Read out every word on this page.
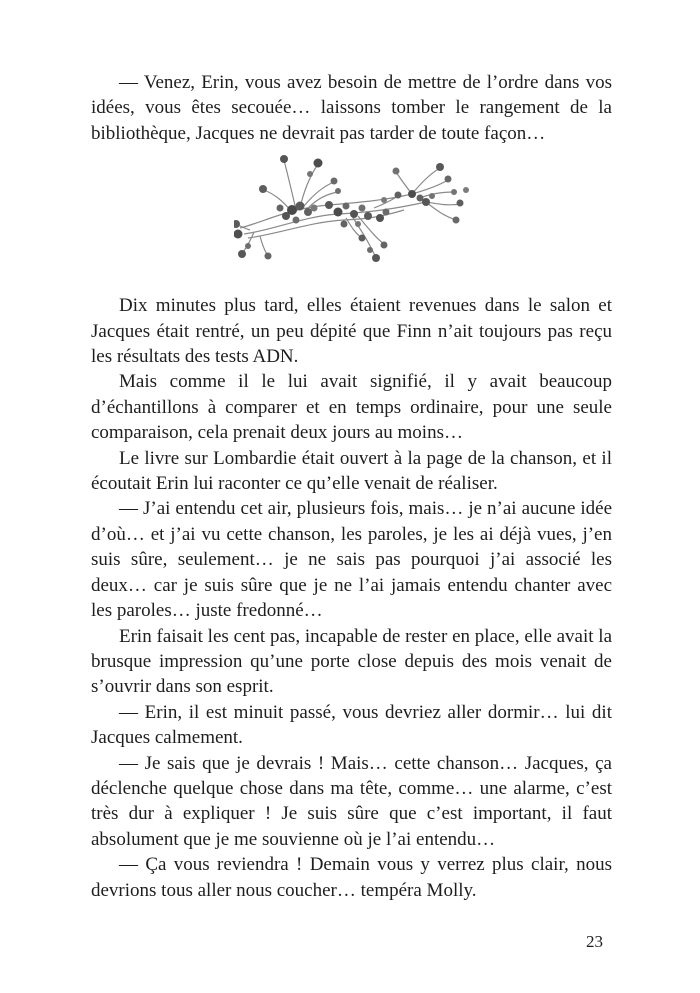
— Venez, Erin, vous avez besoin de mettre de l’ordre dans vos idées, vous êtes secouée… laissons tomber le rangement de la bibliothèque, Jacques ne devrait pas tarder de toute façon…

Dix minutes plus tard, elles étaient revenues dans le salon et Jacques était rentré, un peu dépité que Finn n’ait toujours pas reçu les résultats des tests ADN.

Mais comme il le lui avait signifié, il y avait beaucoup d’échantillons à comparer et en temps ordinaire, pour une seule comparaison, cela prenait deux jours au moins…

Le livre sur Lombardie était ouvert à la page de la chanson, et il écoutait Erin lui raconter ce qu’elle venait de réaliser.

— J’ai entendu cet air, plusieurs fois, mais… je n’ai aucune idée d’où… et j’ai vu cette chanson, les paroles, je les ai déjà vues, j’en suis sûre, seulement… je ne sais pas pourquoi j’ai associé les deux… car je suis sûre que je ne l’ai jamais entendu chanter avec les paroles… juste fredonné…

Erin faisait les cent pas, incapable de rester en place, elle avait la brusque impression qu’une porte close depuis des mois venait de s’ouvrir dans son esprit.

— Erin, il est minuit passé, vous devriez aller dormir… lui dit Jacques calmement.

— Je sais que je devrais ! Mais… cette chanson… Jacques, ça déclenche quelque chose dans ma tête, comme… une alarme, c’est très dur à expliquer ! Je suis sûre que c’est important, il faut absolument que je me souvienne où je l’ai entendu…

— Ça vous reviendra ! Demain vous y verrez plus clair, nous devrions tous aller nous coucher… tempéra Molly.

23
